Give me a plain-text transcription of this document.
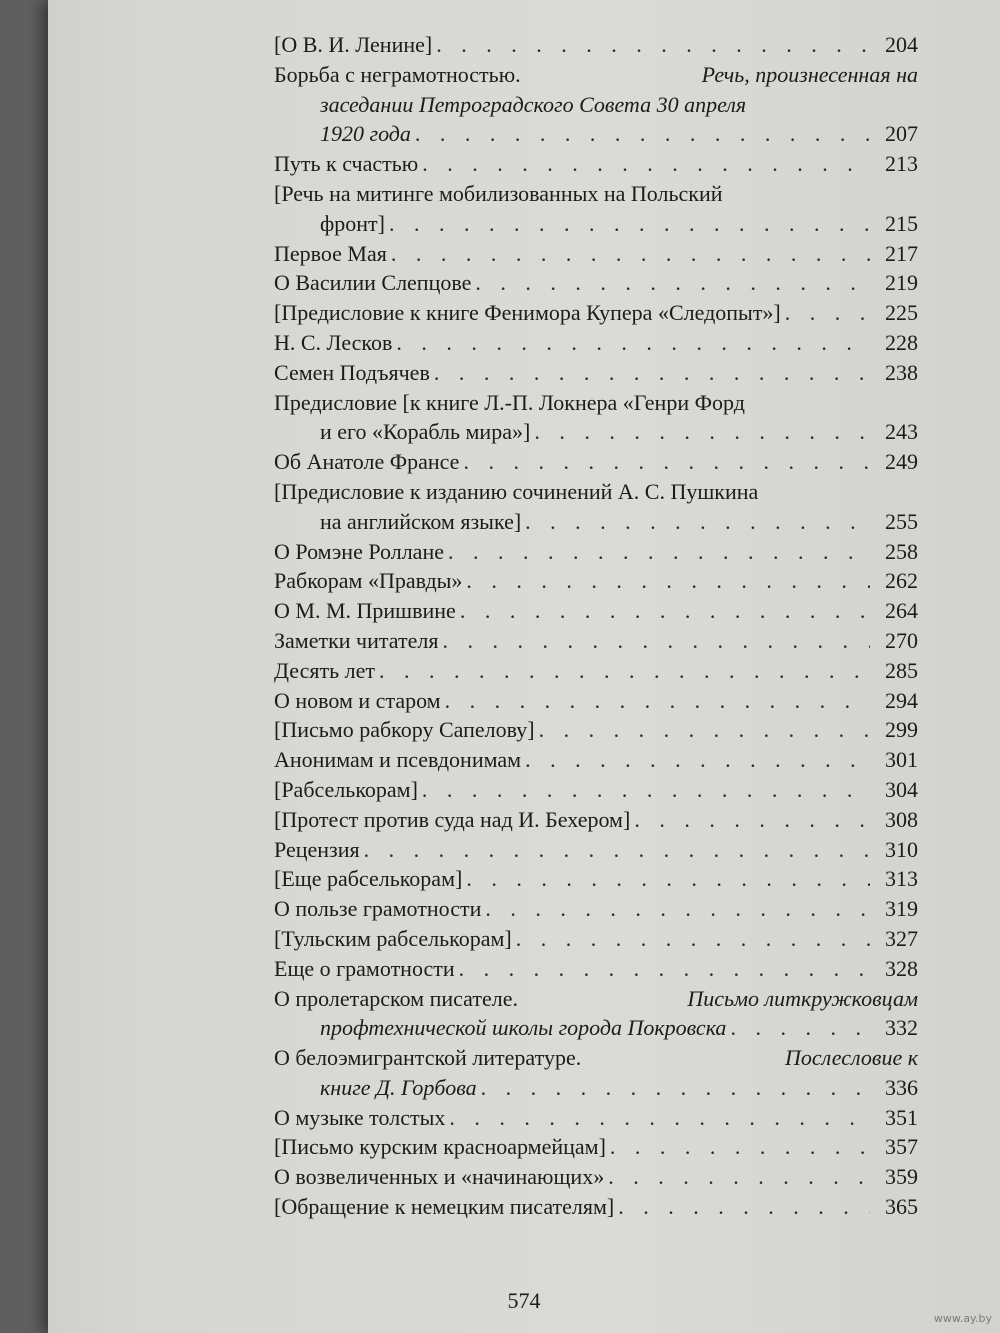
[О В. И. Ленине] . . .	204
Борьба с неграмотностью.
	Речь, произнесенная на
заседании Петроградского Совета 30 апреля
1920 года . . .	207
Путь к счастью . . .	213
[Речь на митинге мобилизованных на Польский
фронт] . . .	215
Первое Мая . . .	217
О Василии Слепцове . . .	219
[Предисловие к книге Фенимора Купера «Следопыт»] . . .	225
Н. С. Лесков . . .	228
Семен Подъячев . . .	238
Предисловие [к книге Л.-П. Локнера «Генри Форд
и его «Корабль мира»] . . .	243
Об Анатоле Франсе . . .	249
[Предисловие к изданию сочинений А. С. Пушкина
на английском языке] . . .	255
О Ромэне Роллане . . .	258
Рабкорам «Правды» . . .	262
О М. М. Пришвине . . .	264
Заметки читателя . . .	270
Десять лет . . .	285
О новом и старом . . .	294
[Письмо рабкору Сапелову] . . .	299
Анонимам и псевдонимам . . .	301
[Рабселькорам] . . .	304
[Протест против суда над И. Бехером] . . .	308
Рецензия . . .	310
[Еще рабселькорам] . . .	313
О пользе грамотности . . .	319
[Тульским рабселькорам] . . .	327
Еще о грамотности . . .	328
О пролетарском писателе.
	Письмо литкружковцам
профтехнической школы города Покровска . . .	332
О белоэмигрантской литературе.
	Послесловие к
книге Д. Горбова . . .	336
О музыке толстых . . .	351
[Письмо курским красноармейцам] . . .	357
О возвеличенных и «начинающих» . . .	359
[Обращение к немецким писателям] . . .	365
574
www.ay.by
